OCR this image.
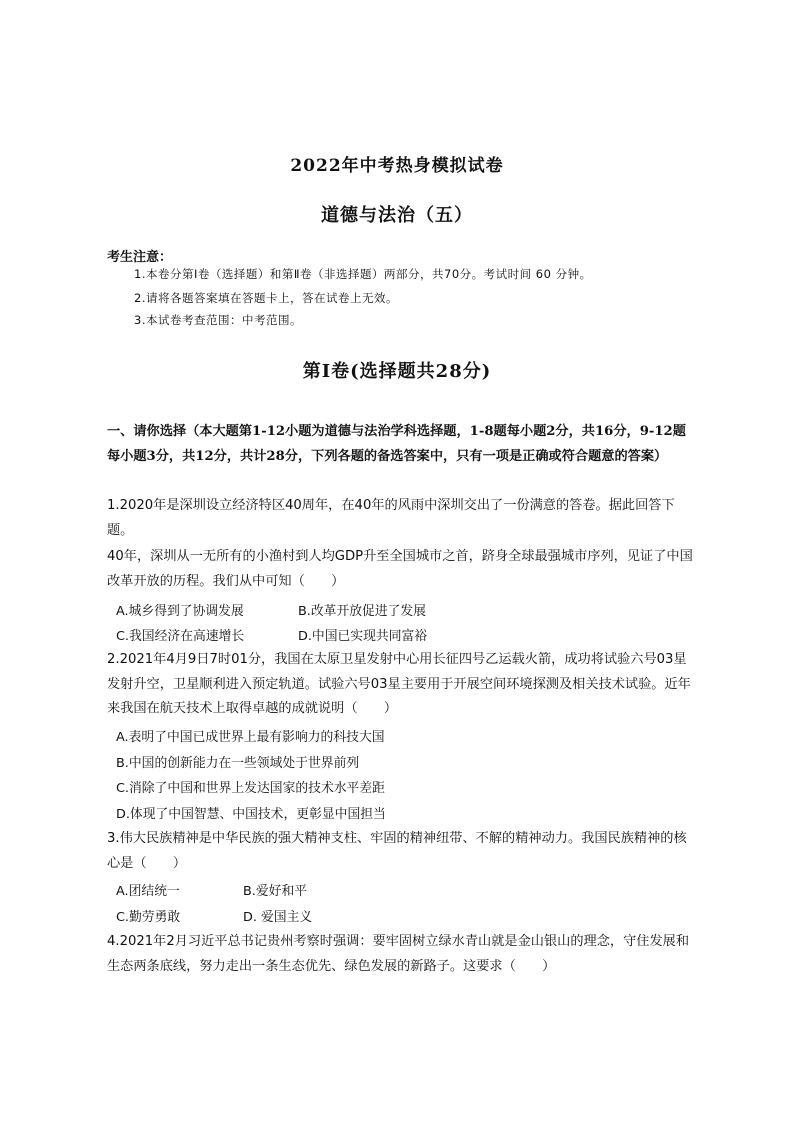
2022年中考热身模拟试卷
道德与法治（五）
考生注意：
1.本卷分第Ⅰ卷（选择题）和第Ⅱ卷（非选择题）两部分，共70分。考试时间 60 分钟。
2.请将各题答案填在答题卡上，答在试卷上无效。
3.本试卷考查范围：中考范围。
第Ⅰ卷(选择题共28分)
一、请你选择（本大题第1-12小题为道德与法治学科选择题，1-8题每小题2分，共16分，9-12题每小题3分，共12分，共计28分，下列各题的备选答案中，只有一项是正确或符合题意的答案）
1.2020年是深圳设立经济特区40周年，在40年的风雨中深圳交出了一份满意的答卷。据此回答下题。
40年，深圳从一无所有的小渔村到人均GDP升至全国城市之首，跻身全球最强城市序列，见证了中国改革开放的历程。我们从中可知（　　）
A.城乡得到了协调发展	B.改革开放促进了发展
C.我国经济在高速增长	D.中国已实现共同富裕
2.2021年4月9日7时01分，我国在太原卫星发射中心用长征四号乙运载火箭，成功将试验六号03星发射升空，卫星顺利进入预定轨道。试验六号03星主要用于开展空间环境探测及相关技术试验。近年来我国在航天技术上取得卓越的成就说明（　　）
A.表明了中国已成世界上最有影响力的科技大国
B.中国的创新能力在一些领域处于世界前列
C.消除了中国和世界上发达国家的技术水平差距
D.体现了中国智慧、中国技术，更彰显中国担当
3.伟大民族精神是中华民族的强大精神支柱、牢固的精神纽带、不解的精神动力。我国民族精神的核心是（　　）
A.团结统一	B.爱好和平
C.勤劳勇敢	D. 爱国主义
4.2021年2月习近平总书记贵州考察时强调：要牢固树立绿水青山就是金山银山的理念，守住发展和生态两条底线，努力走出一条生态优先、绿色发展的新路子。这要求（　　）
